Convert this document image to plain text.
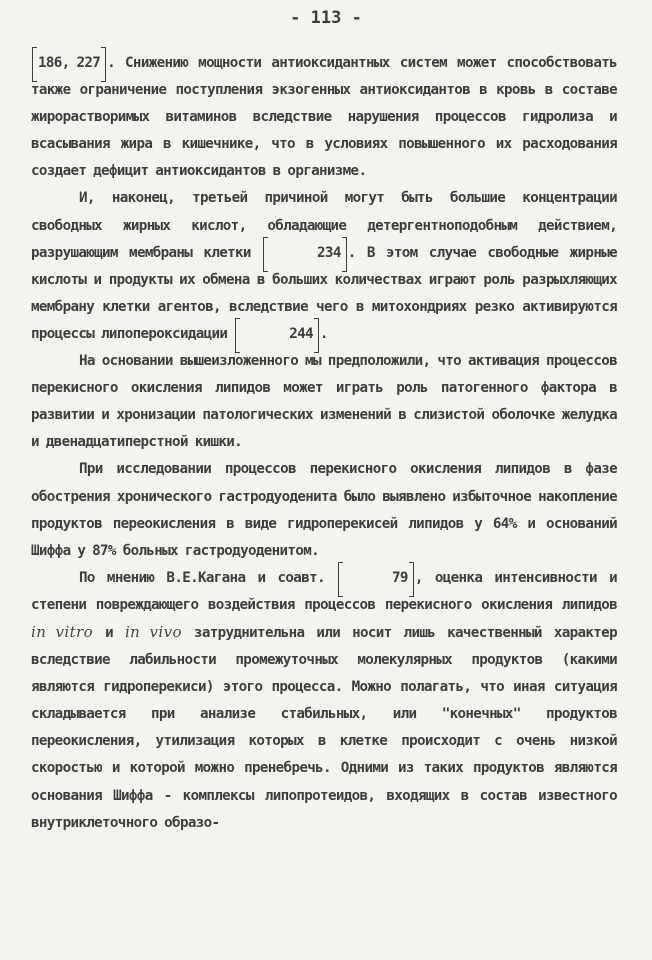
- 113 -

186, 227 . Снижению мощности антиоксидантных систем может способствовать также ограничение поступления экзогенных антиоксидантов в кровь в составе жирорастворимых витаминов вследствие нарушения процессов гидролиза и всасывания жира в кишечнике, что в условиях повышенного их расходования создает дефицит антиоксидантов в организме.

И, наконец, третьей причиной могут быть большие концентрации свободных жирных кислот, обладающие детергентноподобным действием, разрушающим мембраны клетки	234 . В этом случае свободные жирные кислоты и продукты их обмена в больших количествах играют роль разрыхляющих мембрану клетки агентов, вследствие чего в митохондриях резко активируются процессы липопероксидации	244 .

На основании вышеизложенного мы предположили, что активация процессов перекисного окисления липидов может играть роль патогенного фактора в развитии и хронизации патологических изменений в слизистой оболочке желудка и двенадцатиперстной кишки.

При исследовании процессов перекисного окисления липидов в фазе обострения хронического гастродуоденита было выявлено избыточное накопление продуктов переокисления в виде гидроперекисей липидов у 64% и оснований Шиффа у 87% больных гастродуоденитом.

По мнению В.Е.Кагана и соавт.	79 , оценка интенсивности и степени повреждающего воздействия процессов перекисного окисления липидов in vitro и in vivo затруднительна или носит лишь качественный характер вследствие лабильности промежуточных молекулярных продуктов (какими являются гидроперекиси) этого процесса. Можно полагать, что иная ситуация складывается при анализе стабильных, или "конечных" продуктов переокисления, утилизация которых в клетке происходит с очень низкой скоростью и которой можно пренебречь. Одними из таких продуктов являются основания Шиффа - комплексы липопротеидов, входящих в состав известного внутриклеточного образо-
